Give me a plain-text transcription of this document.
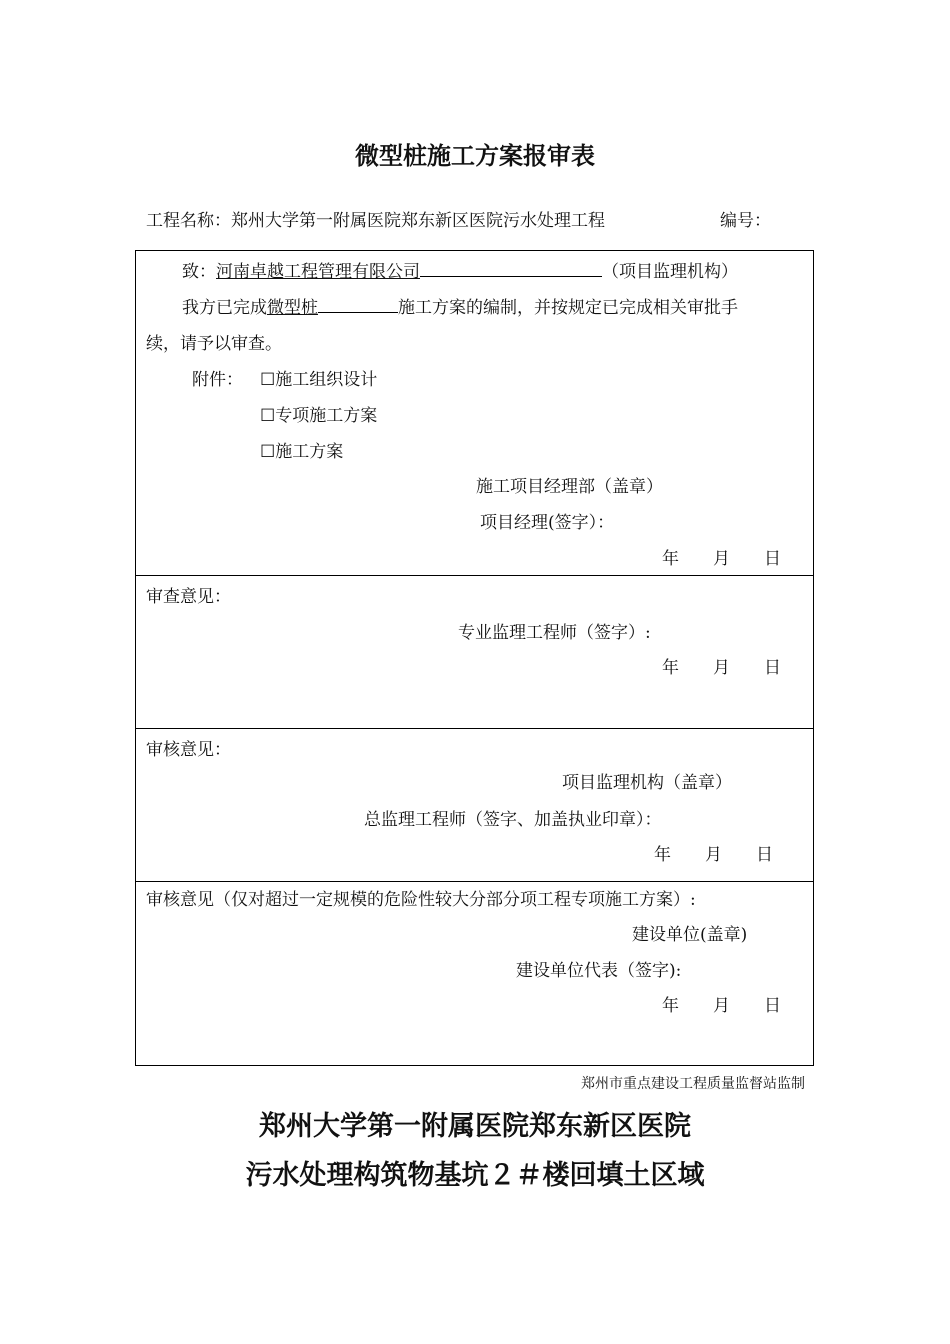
微型桩施工方案报审表
工程名称：郑州大学第一附属医院郑东新区医院污水处理工程	编号：
致：河南卓越工程管理有限公司	（项目监理机构）
我方已完成微型桩	施工方案的编制，并按规定已完成相关审批手
续，请予以审查。
附件： ☐施工组织设计
☐专项施工方案
☐施工方案
施工项目经理部（盖章）
项目经理(签字）：
年　　月　　日
审查意见：
专业监理工程师（签字）:
年　　月　　日
审核意见：
项目监理机构（盖章）
总监理工程师（签字、加盖执业印章）：
年　　月　　日
审核意见（仅对超过一定规模的危险性较大分部分项工程专项施工方案）:
建设单位(盖章)
建设单位代表（签字):
年　　月　　日
郑州市重点建设工程质量监督站监制
郑州大学第一附属医院郑东新区医院
污水处理构筑物基坑２＃楼回填土区域
